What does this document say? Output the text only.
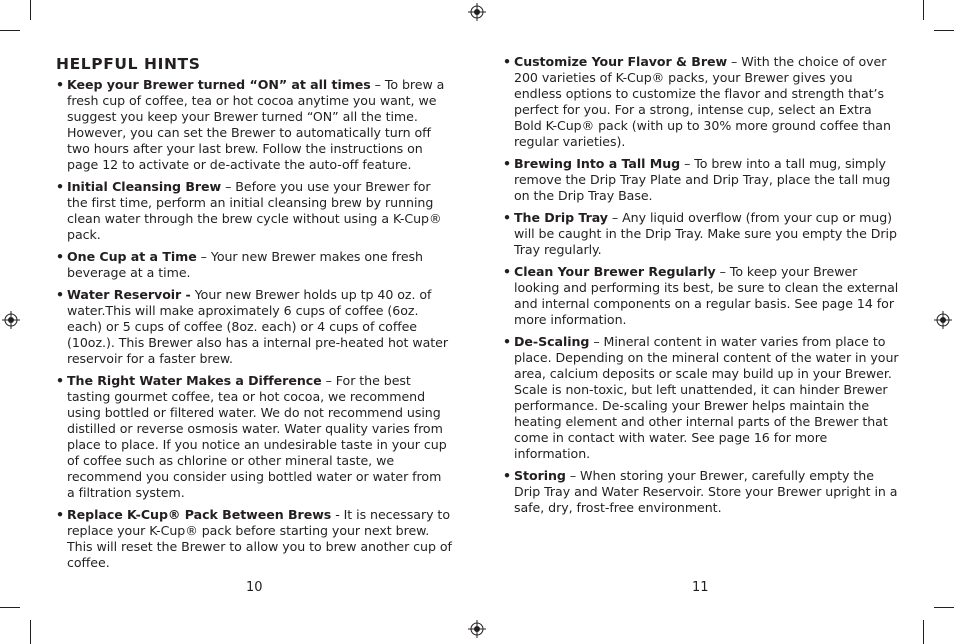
HELPFUL HINTS
• Keep your Brewer turned “ON” at all times – To brew a fresh cup of coffee, tea or hot cocoa anytime you want, we suggest you keep your Brewer turned “ON” all the time. However, you can set the Brewer to automatically turn off two hours after your last brew. Follow the instructions on page 12 to activate or de-activate the auto-off feature.
• Initial Cleansing Brew – Before you use your Brewer for the first time, perform an initial cleansing brew by running clean water through the brew cycle without using a K-Cup® pack.
• One Cup at a Time – Your new Brewer makes one fresh beverage at a time.
• Water Reservoir - Your new Brewer holds up tp 40 oz. of water.This will make aproximately 6 cups of coffee (6oz. each) or 5 cups of coffee (8oz. each) or 4 cups of coffee (10oz.). This Brewer also has a internal pre-heated hot water reservoir for a faster brew.
• The Right Water Makes a Difference – For the best tasting gourmet coffee, tea or hot cocoa, we recommend using bottled or filtered water. We do not recommend using distilled or reverse osmosis water. Water quality varies from place to place. If you notice an undesirable taste in your cup of coffee such as chlorine or other mineral taste, we recommend you consider using bottled water or water from a filtration system.
• Replace K-Cup® Pack Between Brews - It is necessary to replace your K-Cup® pack before starting your next brew. This will reset the Brewer to allow you to brew another cup of coffee.
• Customize Your Flavor & Brew – With the choice of over 200 varieties of K-Cup® packs, your Brewer gives you endless options to customize the flavor and strength that’s perfect for you. For a strong, intense cup, select an Extra Bold K-Cup® pack (with up to 30% more ground coffee than regular varieties).
• Brewing Into a Tall Mug – To brew into a tall mug, simply remove the Drip Tray Plate and Drip Tray, place the tall mug on the Drip Tray Base.
• The Drip Tray – Any liquid overflow (from your cup or mug) will be caught in the Drip Tray. Make sure you empty the Drip Tray regularly.
• Clean Your Brewer Regularly – To keep your Brewer looking and performing its best, be sure to clean the external and internal components on a regular basis. See page 14 for more information.
• De-Scaling – Mineral content in water varies from place to place. Depending on the mineral content of the water in your area, calcium deposits or scale may build up in your Brewer. Scale is non-toxic, but left unattended, it can hinder Brewer performance. De-scaling your Brewer helps maintain the heating element and other internal parts of the Brewer that come in contact with water. See page 16 for more information.
• Storing – When storing your Brewer, carefully empty the Drip Tray and Water Reservoir. Store your Brewer upright in a safe, dry, frost-free environment.
10	11
